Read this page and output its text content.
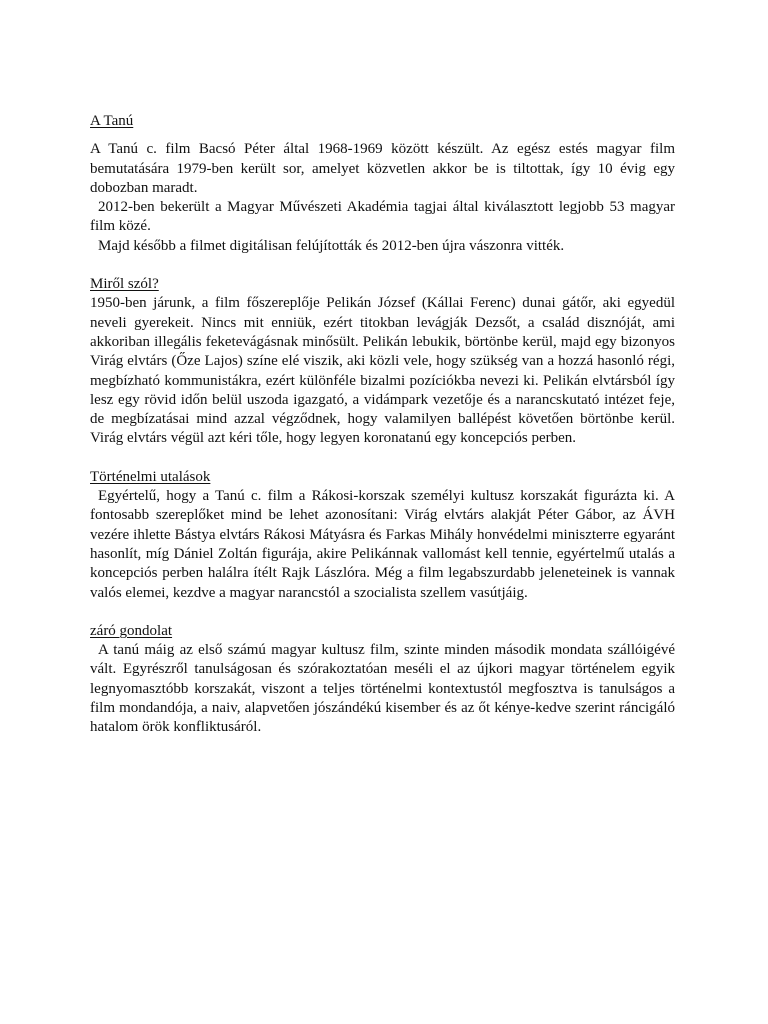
A Tanú

A Tanú c. film Bacsó Péter által 1968-1969 között készült. Az egész estés magyar film bemutatására 1979-ben került sor, amelyet közvetlen akkor be is tiltottak, így 10 évig egy dobozban maradt.

2012-ben bekerült a Magyar Művészeti Akadémia tagjai által kiválasztott legjobb 53 magyar film közé.

Majd később a filmet digitálisan felújították és 2012-ben újra vászonra vitték.

Miről szól?

1950-ben járunk, a film főszereplője Pelikán József (Kállai Ferenc) dunai gátőr, aki egyedül neveli gyerekeit. Nincs mit enniük, ezért titokban levágják Dezsőt, a család disznóját, ami akkoriban illegális feketevágásnak minősült. Pelikán lebukik, börtönbe kerül, majd egy bizonyos Virág elvtárs (Őze Lajos) színe elé viszik, aki közli vele, hogy szükség van a hozzá hasonló régi, megbízható kommunistákra, ezért különféle bizalmi pozíciókba nevezi ki. Pelikán elvtársból így lesz egy rövid időn belül uszoda igazgató, a vidámpark vezetője és a narancskutató intézet feje, de megbízatásai mind azzal végződnek, hogy valamilyen ballépést követően börtönbe kerül. Virág elvtárs végül azt kéri tőle, hogy legyen koronatanú egy koncepciós perben.

Történelmi utalások

Egyértelű, hogy a Tanú c. film a Rákosi-korszak személyi kultusz korszakát figurázta ki. A fontosabb szereplőket mind be lehet azonosítani: Virág elvtárs alakját Péter Gábor, az ÁVH vezére ihlette Bástya elvtárs Rákosi Mátyásra és Farkas Mihály honvédelmi miniszterre egyaránt hasonlít, míg Dániel Zoltán figurája, akire Pelikánnak vallomást kell tennie, egyértelmű utalás a koncepciós perben halálra ítélt Rajk Lászlóra. Még a film legabszurdabb jeleneteinek is vannak valós elemei, kezdve a magyar narancstól a szocialista szellem vasútjáig.

záró gondolat

A tanú máig az első számú magyar kultusz film, szinte minden második mondata szállóigévé vált. Egyrészről tanulságosan és szórakoztatóan meséli el az újkori magyar történelem egyik legnyomasztóbb korszakát, viszont a teljes történelmi kontextustól megfosztva is tanulságos a film mondandója, a naiv, alapvetően jószándékú kisember és az őt kénye-kedve szerint ráncigáló hatalom örök konfliktusáról.
